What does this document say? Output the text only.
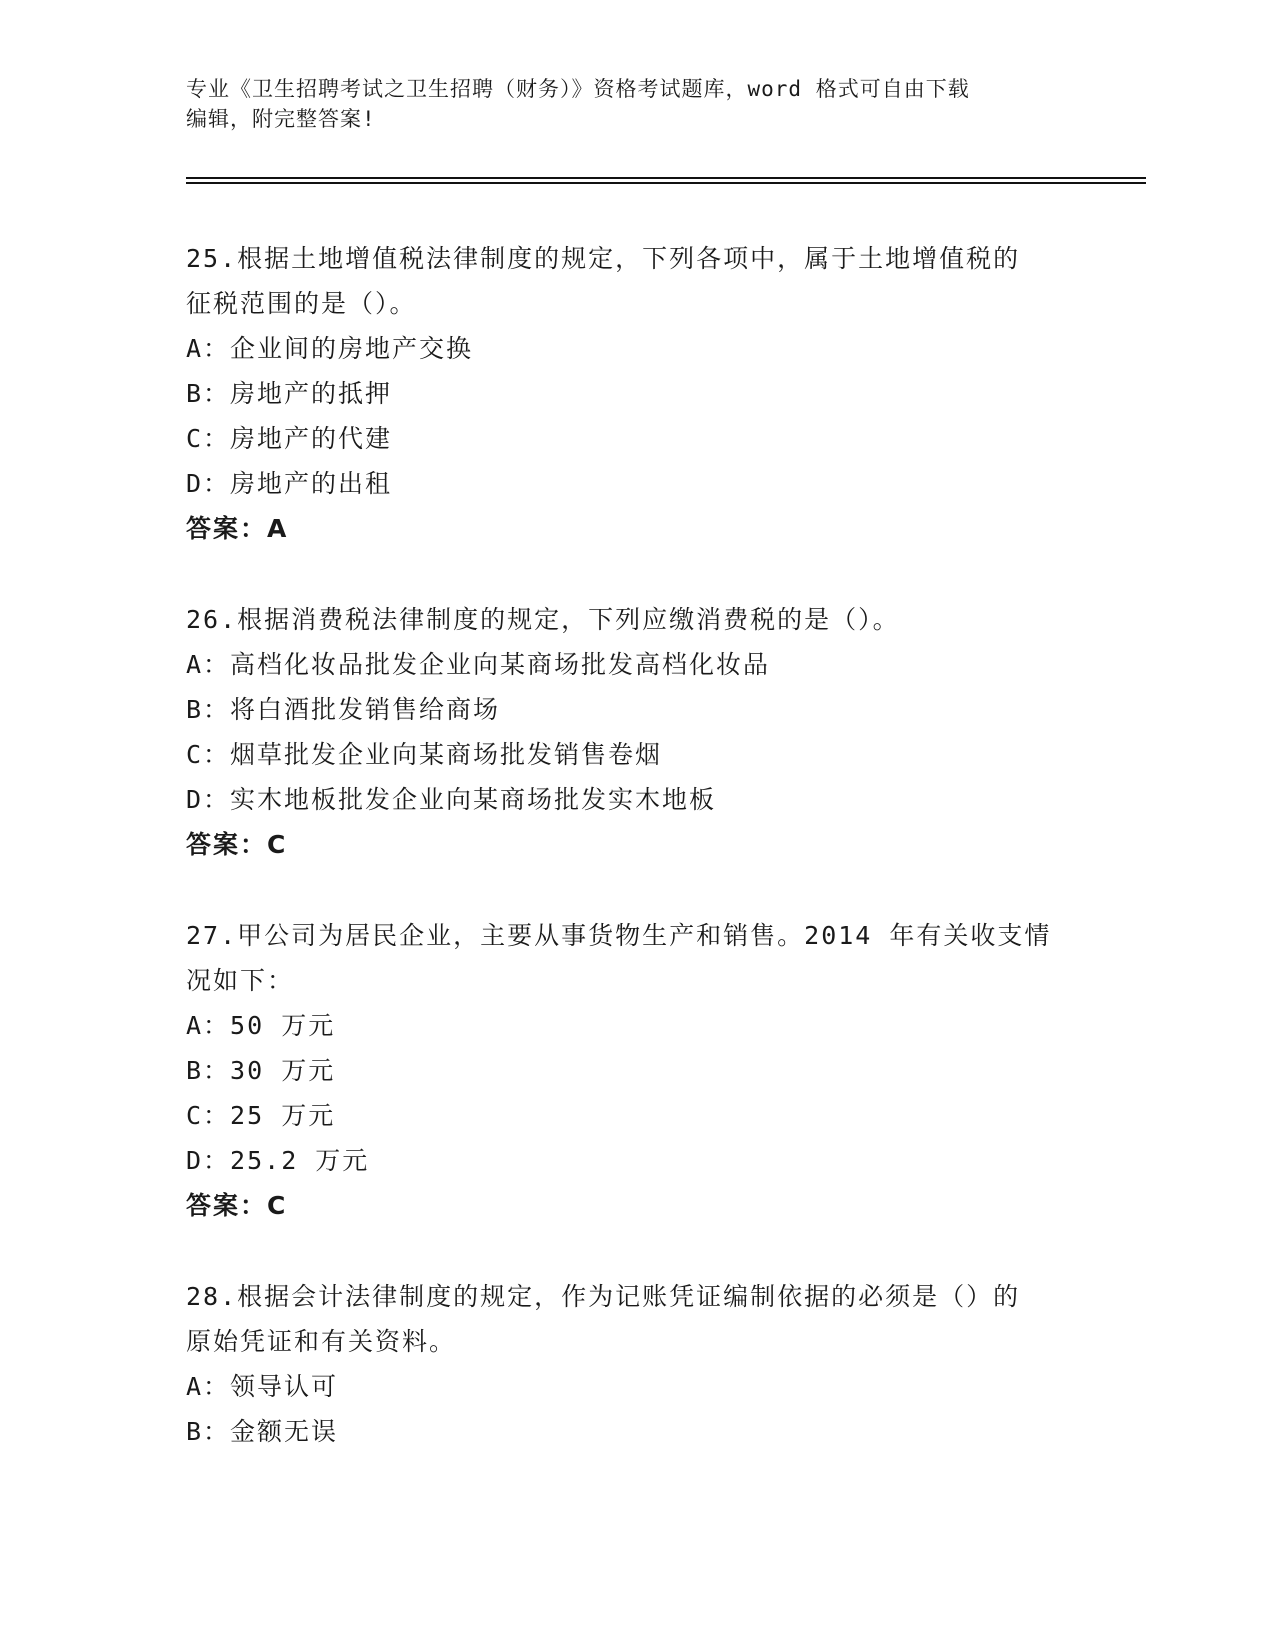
专业《卫生招聘考试之卫生招聘（财务）》资格考试题库，word 格式可自由下载
编辑，附完整答案!
25.根据土地增值税法律制度的规定，下列各项中，属于土地增值税的
征税范围的是（）。
A：企业间的房地产交换
B：房地产的抵押
C：房地产的代建
D：房地产的出租
答案：A
26.根据消费税法律制度的规定，下列应缴消费税的是（）。
A：高档化妆品批发企业向某商场批发高档化妆品
B：将白酒批发销售给商场
C：烟草批发企业向某商场批发销售卷烟
D：实木地板批发企业向某商场批发实木地板
答案：C
27.甲公司为居民企业，主要从事货物生产和销售。2014 年有关收支情
况如下：
A：50 万元
B：30 万元
C：25 万元
D：25.2 万元
答案：C
28.根据会计法律制度的规定，作为记账凭证编制依据的必须是（）的
原始凭证和有关资料。
A：领导认可
B：金额无误
